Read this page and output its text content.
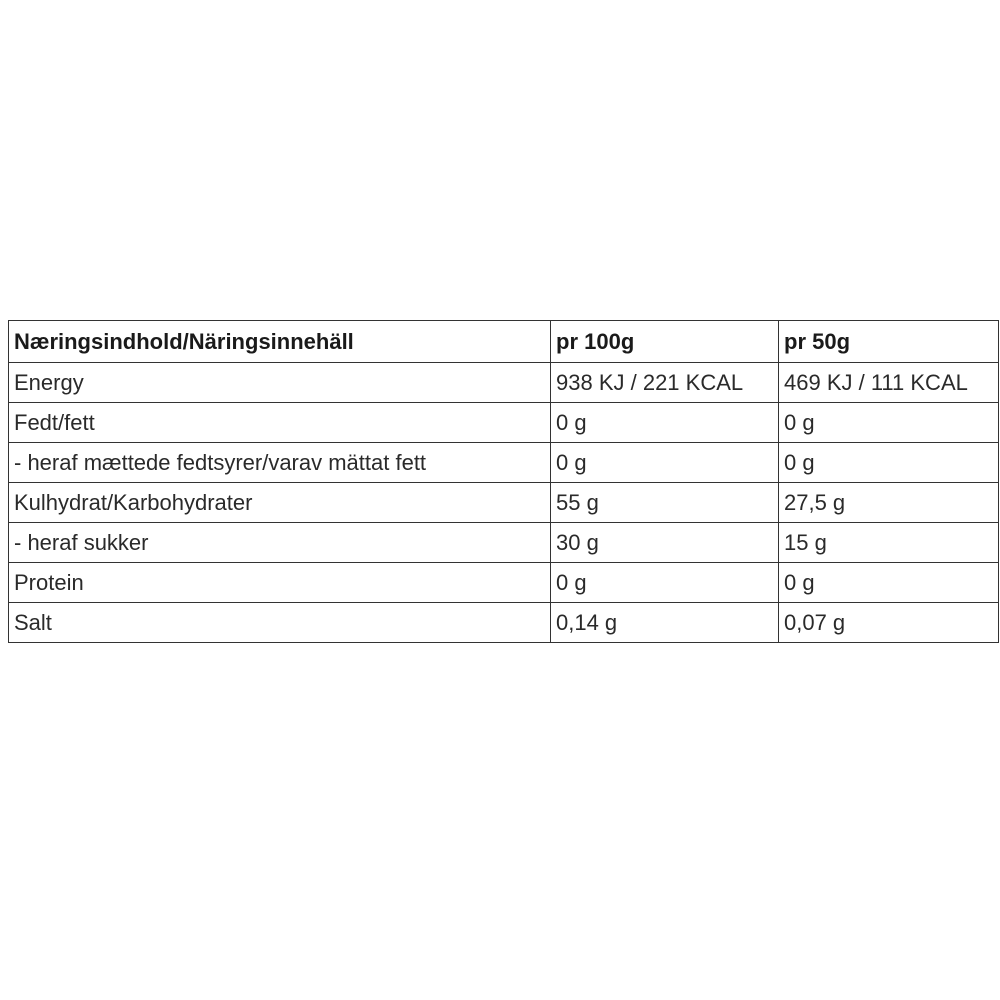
Næringsindhold/Näringsinnehäll	pr 100g	pr 50g
Energy	938 KJ / 221 KCAL	469 KJ / 111 KCAL
Fedt/fett	0 g	0 g
- heraf mættede fedtsyrer/varav mättat fett	0 g	0 g
Kulhydrat/Karbohydrater	55 g	27,5 g
- heraf sukker	30 g	15 g
Protein	0 g	0 g
Salt	0,14 g	0,07 g
